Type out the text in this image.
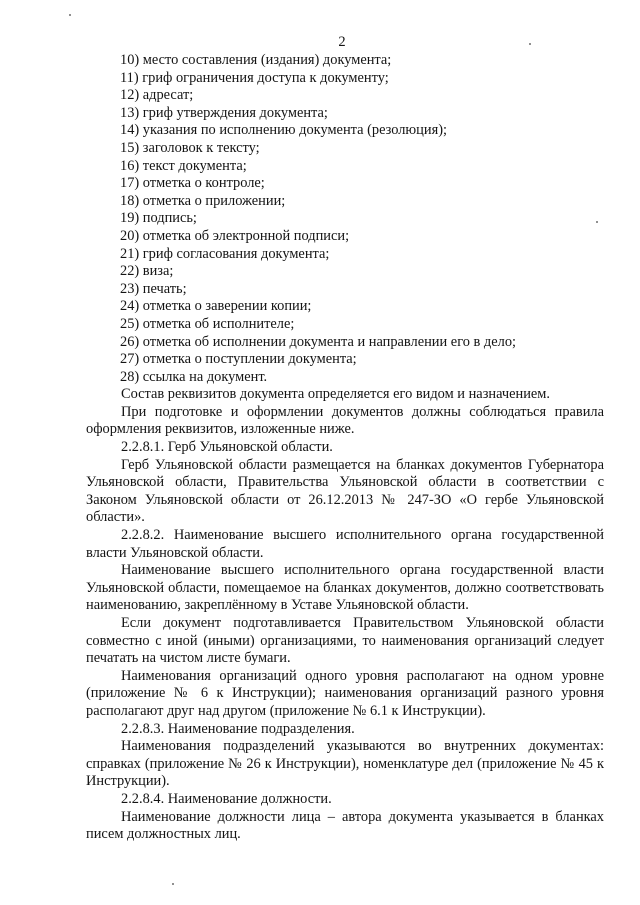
2
10) место составления (издания) документа;
11) гриф ограничения доступа к документу;
12) адресат;
13) гриф утверждения документа;
14) указания по исполнению документа (резолюция);
15) заголовок к тексту;
16) текст документа;
17) отметка о контроле;
18) отметка о приложении;
19) подпись;
20) отметка об электронной подписи;
21) гриф согласования документа;
22) виза;
23) печать;
24) отметка о заверении копии;
25) отметка об исполнителе;
26) отметка об исполнении документа и направлении его в дело;
27) отметка о поступлении документа;
28) ссылка на документ.

Состав реквизитов документа определяется его видом и назначением.

При подготовке и оформлении документов должны соблюдаться правила оформления реквизитов, изложенные ниже.

2.2.8.1. Герб Ульяновской области.

Герб Ульяновской области размещается на бланках документов Губернатора Ульяновской области, Правительства Ульяновской области в соответствии с Законом Ульяновской области от 26.12.2013 № 247-ЗО «О гербе Ульяновской области».

2.2.8.2. Наименование высшего исполнительного органа государственной власти Ульяновской области.

Наименование высшего исполнительного органа государственной власти Ульяновской области, помещаемое на бланках документов, должно соответствовать наименованию, закреплённому в Уставе Ульяновской области.

Если документ подготавливается Правительством Ульяновской области совместно с иной (иными) организациями, то наименования организаций следует печатать на чистом листе бумаги.

Наименования организаций одного уровня располагают на одном уровне (приложение № 6 к Инструкции); наименования организаций разного уровня располагают друг над другом (приложение № 6.1 к Инструкции).

2.2.8.3. Наименование подразделения.

Наименования подразделений указываются во внутренних документах: справках (приложение № 26 к Инструкции), номенклатуре дел (приложение № 45 к Инструкции).

2.2.8.4. Наименование должности.

Наименование должности лица – автора документа указывается в бланках писем должностных лиц.
